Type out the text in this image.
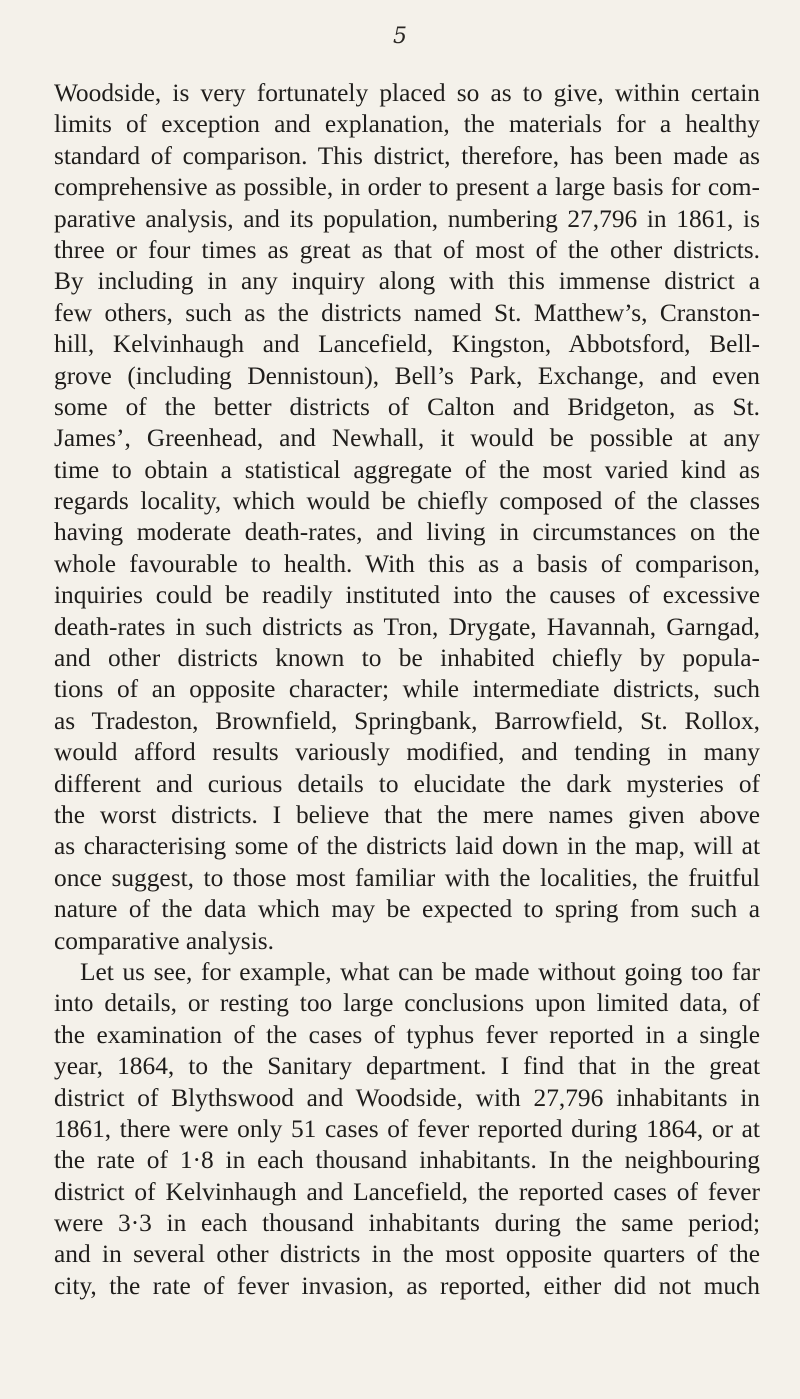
5
Woodside, is very fortunately placed so as to give, within certain
limits of exception and explanation, the materials for a healthy
standard of comparison. This district, therefore, has been made as
comprehensive as possible, in order to present a large basis for com-
parative analysis, and its population, numbering 27,796 in 1861, is
three or four times as great as that of most of the other districts.
By including in any inquiry along with this immense district a
few others, such as the districts named St. Matthew’s, Cranston-
hill, Kelvinhaugh and Lancefield, Kingston, Abbotsford, Bell-
grove (including Dennistoun), Bell’s Park, Exchange, and even
some of the better districts of Calton and Bridgeton, as St.
James’, Greenhead, and Newhall, it would be possible at any
time to obtain a statistical aggregate of the most varied kind as
regards locality, which would be chiefly composed of the classes
having moderate death-rates, and living in circumstances on the
whole favourable to health. With this as a basis of comparison,
inquiries could be readily instituted into the causes of excessive
death-rates in such districts as Tron, Drygate, Havannah, Garngad,
and other districts known to be inhabited chiefly by popula-
tions of an opposite character; while intermediate districts, such
as Tradeston, Brownfield, Springbank, Barrowfield, St. Rollox,
would afford results variously modified, and tending in many
different and curious details to elucidate the dark mysteries of
the worst districts. I believe that the mere names given above
as characterising some of the districts laid down in the map, will at
once suggest, to those most familiar with the localities, the fruitful
nature of the data which may be expected to spring from such a
comparative analysis.
Let us see, for example, what can be made without going too far
into details, or resting too large conclusions upon limited data, of
the examination of the cases of typhus fever reported in a single
year, 1864, to the Sanitary department. I find that in the great
district of Blythswood and Woodside, with 27,796 inhabitants in
1861, there were only 51 cases of fever reported during 1864, or at
the rate of 1·8 in each thousand inhabitants. In the neighbouring
district of Kelvinhaugh and Lancefield, the reported cases of fever
were 3·3 in each thousand inhabitants during the same period;
and in several other districts in the most opposite quarters of the
city, the rate of fever invasion, as reported, either did not much
